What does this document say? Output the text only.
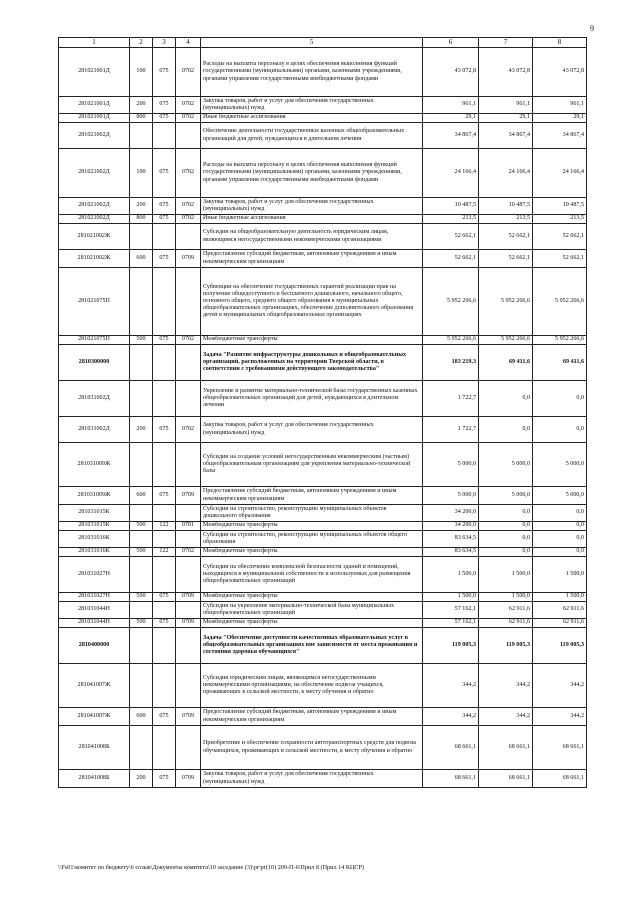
9
1	2	3	4	5	6	7	8
281021001Д	100	075	0702	Расходы на выплаты персоналу в целях обеспечения выполнения функций государственными (муниципальными) органами, казенными учреждениями, органами управления государственными внебюджетными фондами	43 072,8	43 072,8	43 072,8
281021001Д	200	075	0702	Закупка товаров, работ и услуг для обеспечения государственных (муниципальных) нужд	961,1	961,1	961,1
281021001Д	800	075	0702	Иные бюджетные ассигнования	29,1	29,1	29,1
281021002Д				Обеспечение деятельности государственных казенных общеобразовательных организаций для детей, нуждающихся в длительном лечении	34 867,4	34 867,4	34 867,4
281021002Д	100	075	0702	Расходы на выплаты персоналу в целях обеспечения выполнения функций государственными (муниципальными) органами, казенными учреждениями, органами управления государственными внебюджетными фондами	24 166,4	24 166,4	24 166,4
281021002Д	200	075	0702	Закупка товаров, работ и услуг для обеспечения государственных (муниципальных) нужд	10 487,5	10 487,5	10 487,5
281021002Д	800	075	0702	Иные бюджетные ассигнования	213,5	213,5	213,5
281021002Ж				Субсидии на общеобразовательную деятельность юридическим лицам, являющимся негосударственными некоммерческими организациями	52 662,1	52 662,1	52 662,1
281021002Ж	600	075	0709	Предоставление субсидий бюджетным, автономным учреждениям и иным некоммерческим организациям	52 662,1	52 662,1	52 662,1
281021075П				Субвенции на обеспечение государственных гарантий реализации прав на получение общедоступного и бесплатного дошкольного, начального общего, основного общего, среднего общего образования в муниципальных общеобразовательных организациях, обеспечение дополнительного образования детей в муниципальных общеобразовательных организациях	5 952 266,6	5 952 266,6	5 952 266,6
281021075П	500	075	0702	Межбюджетные трансферты	5 952 266,6	5 952 266,6	5 952 266,6
2810300000				Задача "Развитие инфраструктуры дошкольных и общеобразовательных организаций, расположенных на территории Тверской области, в соответствии с требованиями действующего законодательства"	183 219,3	69 411,6	69 411,6
281031002Д				Укрепление и развитие материально-технической базы государственных казенных общеобразовательных организаций для детей, нуждающихся в длительном лечении	1 722,7	0,0	0,0
281031002Д	200	075	0702	Закупка товаров, работ и услуг для обеспечения государственных (муниципальных) нужд	1 722,7	0,0	0,0
281031009Ж				Субсидии на создание условий негосударственным некоммерческим (частным) общеобразовательным организациям для укрепления материально-технической базы	5 000,0	5 000,0	5 000,0
281031009Ж	600	075	0709	Предоставление субсидий бюджетным, автономным учреждениям и иным некоммерческим организациям	5 000,0	5 000,0	5 000,0
281031015К				Субсидии на строительство, реконструкцию муниципальных объектов дошкольного образования	34 200,0	0,0	0,0
281031015К	500	122	0701	Межбюджетные трансферты	34 200,0	0,0	0,0
281031016К				Субсидии на строительство, реконструкцию муниципальных объектов общего образования	83 634,5	0,0	0,0
281031016К	500	122	0702	Межбюджетные трансферты	83 634,5	0,0	0,0
281031027Н				Субсидии на обеспечение комплексной безопасности зданий и помещений, находящихся в муниципальной собственности и используемых для размещения общеобразовательных организаций	1 500,0	1 500,0	1 500,0
281031027Н	500	075	0709	Межбюджетные трансферты	1 500,0	1 500,0	1 500,0
281031044Н				Субсидии на укрепление материально-технической базы муниципальных общеобразовательных организаций	57 162,1	62 911,6	62 911,6
281031044Н	500	075	0709	Межбюджетные трансферты	57 162,1	62 911,6	62 911,6
2810400000				Задача "Обеспечение доступности качественных образовательных услуг в общеобразовательных организациях вне зависимости от места проживания и состояния здоровья обучающихся"	119 005,3	119 005,3	119 005,3
281041007Ж				Субсидии юридическим лицам, являющимся негосударственными некоммерческими организациями, на обеспечение подвоза учащихся, проживающих в сельской местности, к месту обучения и обратно	344,2	344,2	344,2
281041007Ж	600	075	0709	Предоставление субсидий бюджетным, автономным учреждениям и иным некоммерческим организациям	344,2	344,2	344,2
281041008Б				Приобретение и обеспечение сохранности автотранспортных средств для подвоза обучающихся, проживающих в сельской местности, к месту обучения и обратно	68 661,1	68 661,1	68 661,1
281041008Б	200	075	0709	Закупка товаров, работ и услуг для обеспечения государственных (муниципальных) нужд	68 661,1	68 661,1	68 661,1
\\Fs01\комитет по бюджету\6 созыв\Документы комитета\10 заседание (3)\pr\pr(10) 209-П-6\Прил 8 (Прил 14 КЦСР)
